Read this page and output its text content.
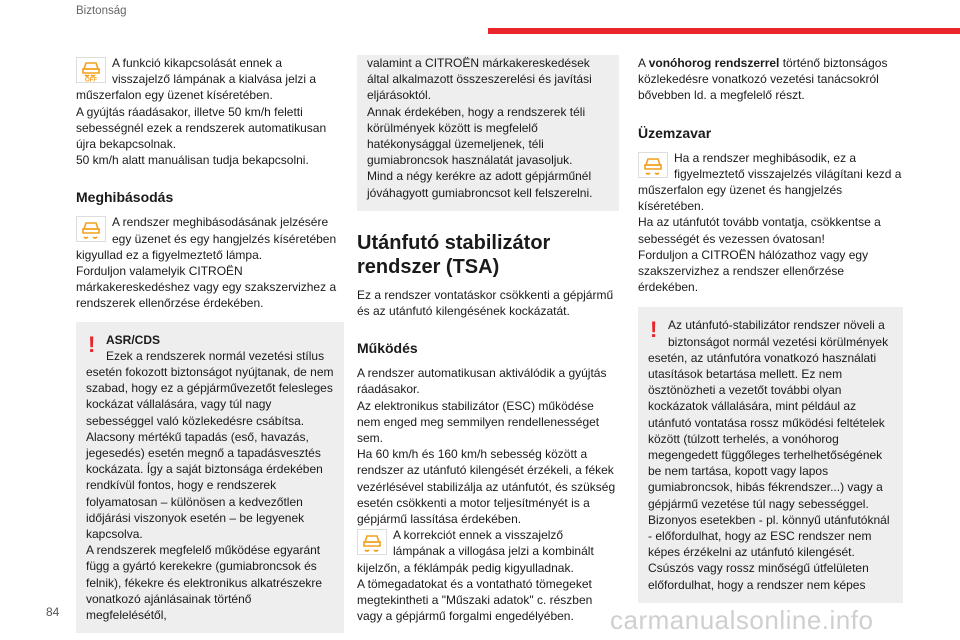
Biztonság
OFF

A funkció kikapcsolását ennek a

visszajelző lámpának a kialvása jelzi a műszerfalon egy üzenet kíséretében.

A gyújtás ráadásakor, illetve 50 km/h feletti sebességnél ezek a rendszerek automatikusan újra bekapcsolnak.

50 km/h alatt manuálisan tudja bekapcsolni.

Meghibásodás

A rendszer meghibásodásának jelzésére

egy üzenet és egy hangjelzés kíséretében kigyullad ez a figyelmeztető lámpa.

Forduljon valamelyik CITROËN márkakereskedéshez vagy egy szakszervizhez a rendszerek ellenőrzése érdekében.

! ASR/CDS

Ezek a rendszerek normál vezetési stílus esetén fokozott biztonságot nyújtanak, de nem szabad, hogy ez a gépjárművezetőt felesleges kockázat vállalására, vagy túl nagy sebességgel való közlekedésre csábítsa.

Alacsony mértékű tapadás (eső, havazás, jegesedés) esetén megnő a tapadásvesztés kockázata. Így a saját biztonsága érdekében rendkívül fontos, hogy e rendszerek folyamatosan – különösen a kedvezőtlen időjárási viszonyok esetén – be legyenek kapcsolva.

A rendszerek megfelelő működése egyaránt függ a gyártó kerekekre (gumiabroncsok és felnik), fékekre és elektronikus alkatrészekre vonatkozó ajánlásainak történő megfelelésétől,

valamint a CITROËN márkakereskedések által alkalmazott összeszerelési és javítási eljárásoktól.

Annak érdekében, hogy a rendszerek téli körülmények között is megfelelő hatékonysággal üzemeljenek, téli gumiabroncsok használatát javasoljuk.

Mind a négy kerékre az adott gépjárműnél jóváhagyott gumiabroncsot kell felszerelni.

Utánfutó stabilizátor rendszer (TSA)

Ez a rendszer vontatáskor csökkenti a gépjármű és az utánfutó kilengésének kockázatát.

Működés

A rendszer automatikusan aktiválódik a gyújtás ráadásakor.

Az elektronikus stabilizátor (ESC) működése nem enged meg semmilyen rendellenességet sem.

Ha 60 km/h és 160 km/h sebesség között a rendszer az utánfutó kilengését érzékeli, a fékek vezérlésével stabilizálja az utánfutót, és szükség esetén csökkenti a motor teljesítményét is a gépjármű lassítása érdekében.

A korrekciót ennek a visszajelző

lámpának a villogása jelzi a kombinált kijelzőn, a féklámpák pedig kigyulladnak.

A tömegadatokat és a vontatható tömegeket megtekintheti a "Műszaki adatok" c. részben vagy a gépjármű forgalmi engedélyében.

A vonóhorog rendszerrel történő biztonságos közlekedésre vonatkozó vezetési tanácsokról bővebben ld. a megfelelő részt.

Üzemzavar

Ha a rendszer meghibásodik, ez a

figyelmeztető visszajelzés világítani kezd a műszerfalon egy üzenet és hangjelzés kíséretében.

Ha az utánfutót tovább vontatja, csökkentse a sebességét és vezessen óvatosan!

Forduljon a CITROËN hálózathoz vagy egy szakszervizhez a rendszer ellenőrzése érdekében.

! Az utánfutó-stabilizátor rendszer növeli a biztonságot normál vezetési körülmények esetén, az utánfutóra vonatkozó használati utasítások betartása mellett. Ez nem ösztönözheti a vezetőt további olyan kockázatok vállalására, mint például az utánfutó vontatása rossz működési feltételek között (túlzott terhelés, a vonóhorog megengedett függőleges terhelhetőségének be nem tartása, kopott vagy lapos gumiabroncsok, hibás fékrendszer...) vagy a gépjármű vezetése túl nagy sebességgel. Bizonyos esetekben - pl. könnyű utánfutóknál - előfordulhat, hogy az ESC rendszer nem képes érzékelni az utánfutó kilengését. Csúszós vagy rossz minőségű útfelületen előfordulhat, hogy a rendszer nem képes

84	carmanualsonline.info
